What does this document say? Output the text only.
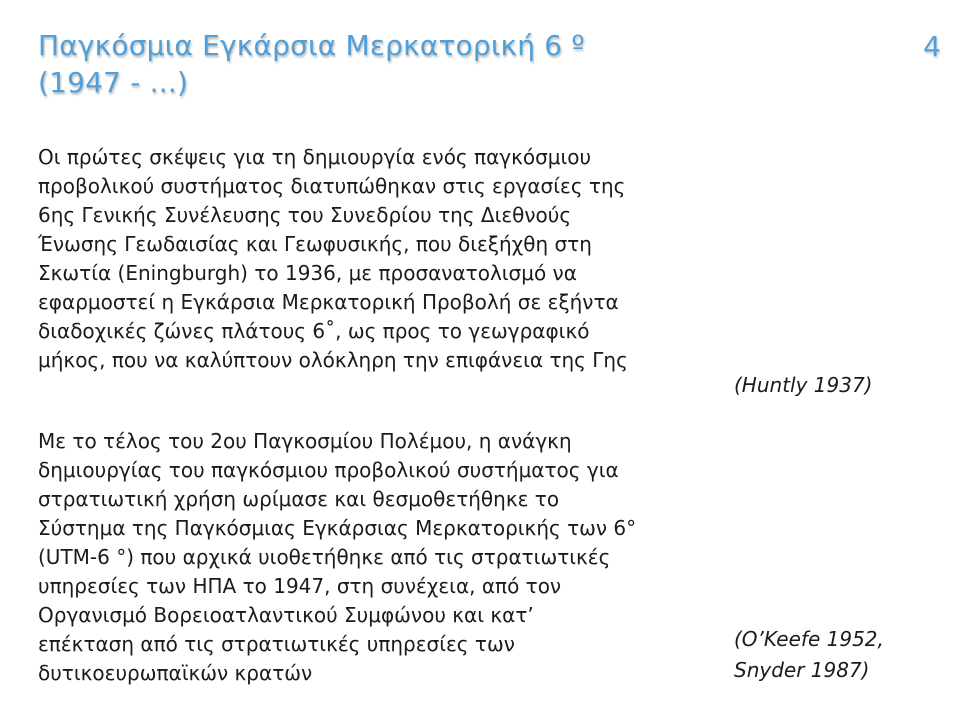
Παγκόσμια Εγκάρσια Μερκατορική 6 º
(1947 - ...)
4
Οι πρώτες σκέψεις για τη δημιουργία ενός παγκόσμιου
προβολικού συστήματος διατυπώθηκαν στις εργασίες της
6ης Γενικής Συνέλευσης του Συνεδρίου της Διεθνούς
Ένωσης Γεωδαισίας και Γεωφυσικής, που διεξήχθη στη
Σκωτία (Eningburgh) το 1936, με προσανατολισμό να
εφαρμοστεί η Εγκάρσια Μερκατορική Προβολή σε εξήντα
διαδοχικές ζώνες πλάτους 6˚, ως προς το γεωγραφικό
μήκος, που να καλύπτουν ολόκληρη την επιφάνεια της Γης
(Huntly 1937)
Με το τέλος του 2ου Παγκοσμίου Πολέμου, η ανάγκη
δημιουργίας του παγκόσμιου προβολικού συστήματος για
στρατιωτική χρήση ωρίμασε και θεσμοθετήθηκε το
Σύστημα της Παγκόσμιας Εγκάρσιας Μερκατορικής των 6°
(UTM-6 °) που αρχικά υιοθετήθηκε από τις στρατιωτικές
υπηρεσίες των ΗΠΑ το 1947, στη συνέχεια, από τον
Οργανισμό Βορειοατλαντικού Συμφώνου και κατ’
επέκταση από τις στρατιωτικές υπηρεσίες των
δυτικοευρωπαϊκών κρατών
(O’Keefe 1952,
Snyder 1987)
